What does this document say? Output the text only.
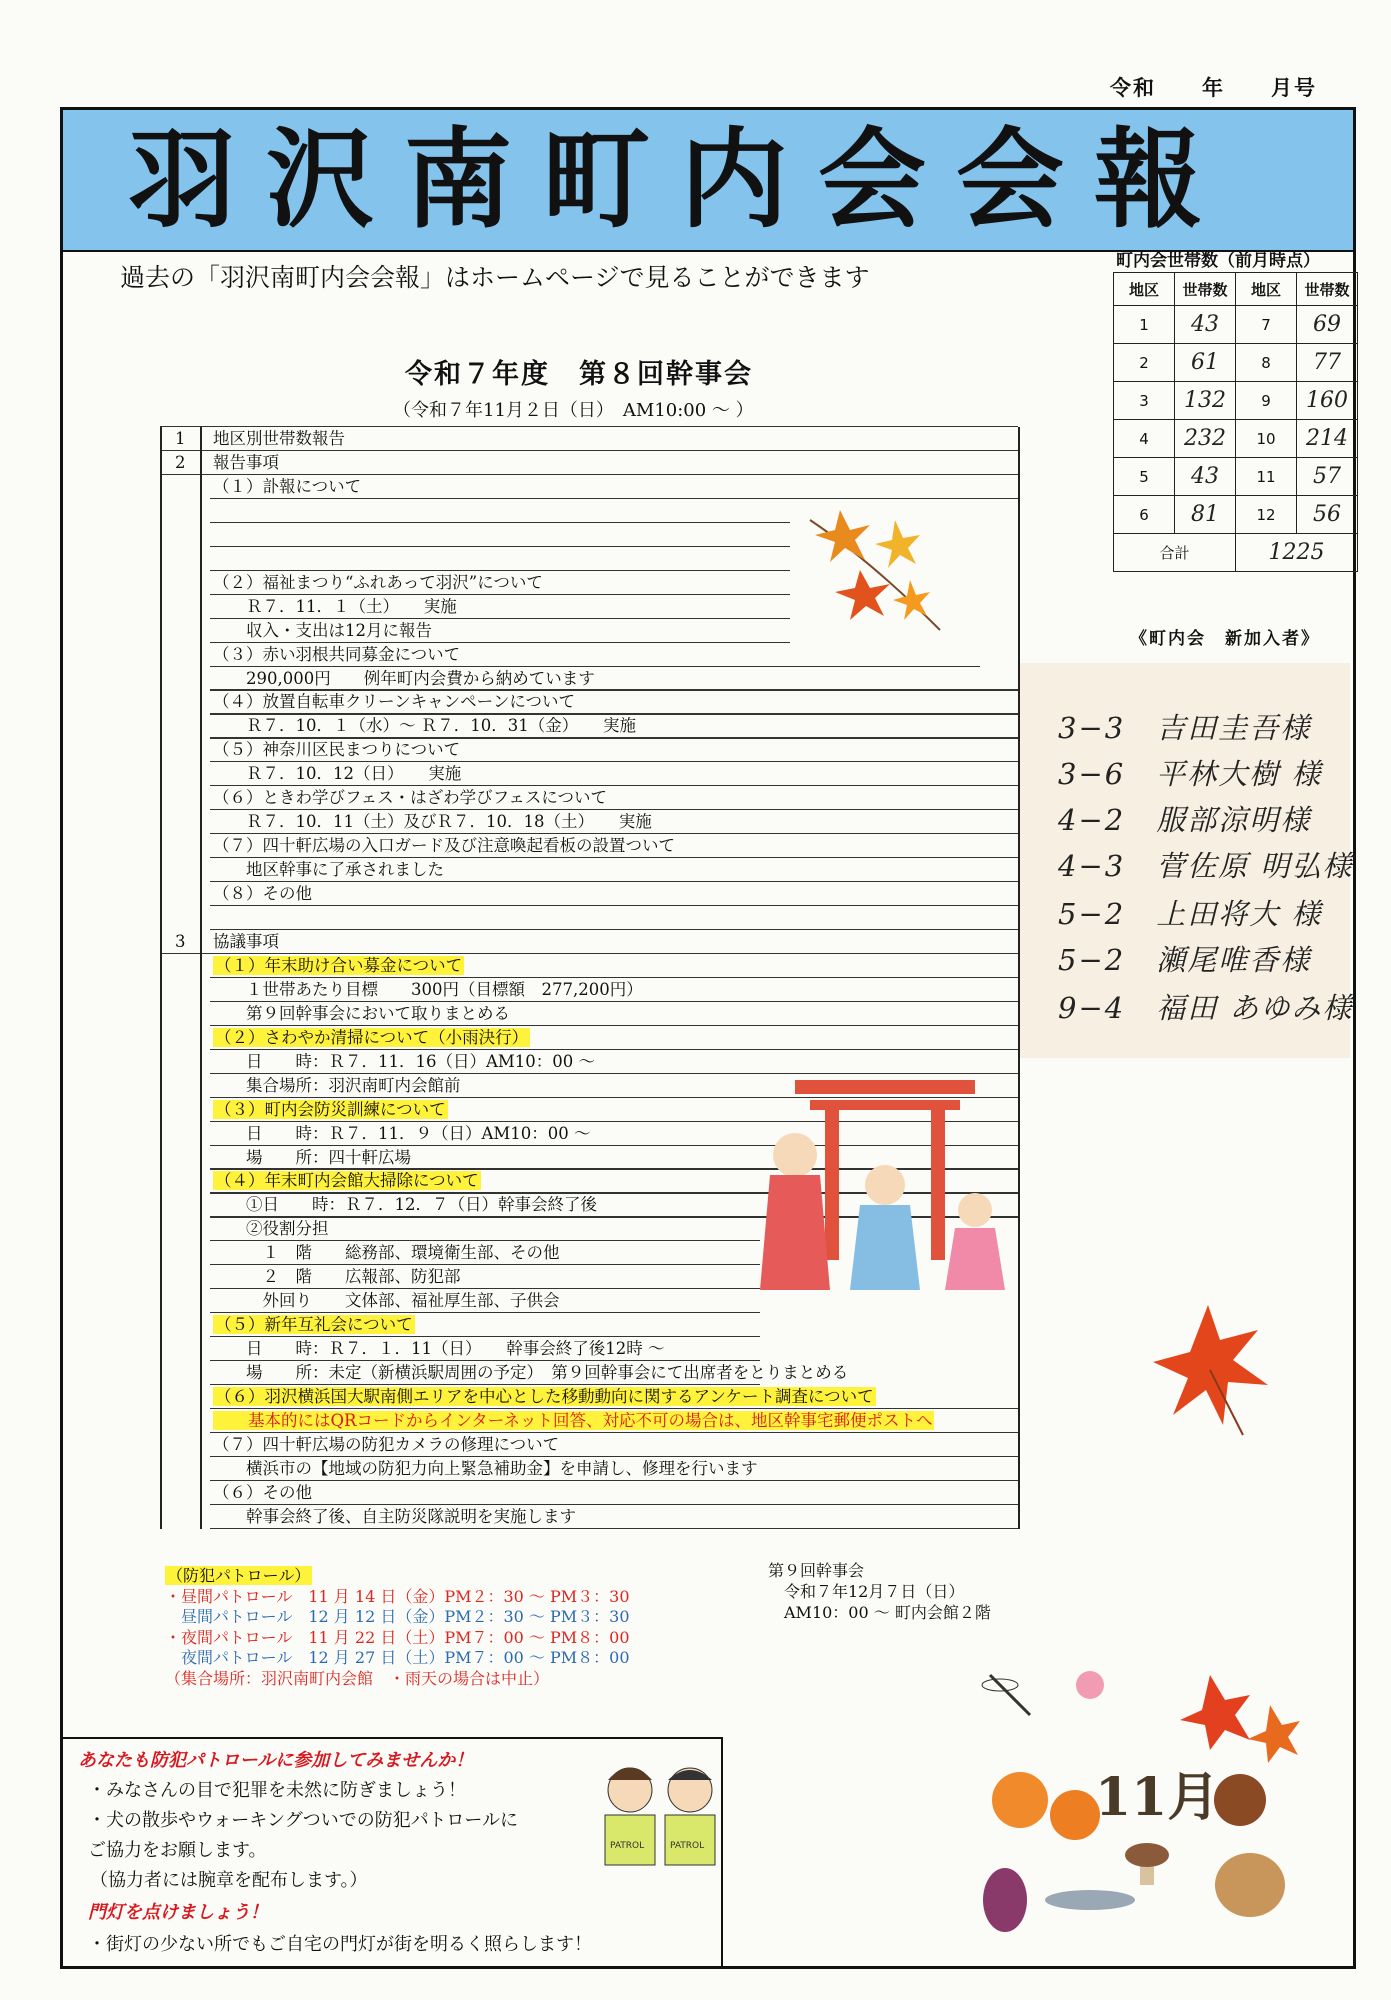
令和　　年　　月号
羽沢南町内会会報
過去の「羽沢南町内会会報」はホームページで見ることができます
令和７年度　第８回幹事会
（令和７年11月２日（日）　AM10:00 ～ ）
町内会世帯数（前月時点）
地区	世帯数	地区	世帯数
1	43	7	69
2	61	8	77
3	132	9	160
4	232	10	214
5	43	11	57
6	81	12	56
合計		1225	
《町内会　新加入者》
3−3　吉田圭吾様
3−6　平林大樹 様
4−2　服部涼明様
4−3　菅佐原 明弘様
5−2　上田将大 様
5−2　瀬尾唯香様
9−4　福田 あゆみ様
1 地区別世帯数報告
2 報告事項
（１）訃報について
（２）福祉まつり“ふれあって羽沢”について
　　Ｒ７．11．１（土）　　実施
　　収入・支出は12月に報告
（３）赤い羽根共同募金について
　　290,000円　　例年町内会費から納めています
（４）放置自転車クリーンキャンペーンについて
　　Ｒ７．10．１（水）～ Ｒ７．10．31（金）　　実施
（５）神奈川区民まつりについて
　　Ｒ７．10．12（日）　　実施
（６）ときわ学びフェス・はざわ学びフェスについて
　　Ｒ７．10．11（土）及びＲ７．10．18（土）　　実施
（７）四十軒広場の入口ガード及び注意喚起看板の設置ついて
　　地区幹事に了承されました
（８）その他
3 協議事項
（１）年末助け合い募金について
　　１世帯あたり目標　　300円（目標額　277,200円）
　　第９回幹事会において取りまとめる
（２）さわやか清掃について（小雨決行）
　　日　　時：Ｒ７．11．16（日）AM10：00 ～
　　集合場所：羽沢南町内会館前
（３）町内会防災訓練について
　　日　　時：Ｒ７．11．９（日）AM10：00 ～
　　場　　所：四十軒広場
（４）年末町内会館大掃除について
　　①日　　時：Ｒ７．12．７（日）幹事会終了後
　　②役割分担
　　　１　階　　総務部、環境衛生部、その他
　　　２　階　　広報部、防犯部
　　　外回り　　文体部、福祉厚生部、子供会
（５）新年互礼会について
　　日　　時：Ｒ７．１．11（日）　　幹事会終了後12時 ～
　　場　　所：未定（新横浜駅周囲の予定）　第９回幹事会にて出席者をとりまとめる
（６）羽沢横浜国大駅南側エリアを中心とした移動動向に関するアンケート調査について
　　基本的にはQRコードからインターネット回答、対応不可の場合は、地区幹事宅郵便ポストへ
（７）四十軒広場の防犯カメラの修理について
　　横浜市の【地域の防犯力向上緊急補助金】を申請し、修理を行います
（６）その他
　　幹事会終了後、自主防災隊説明を実施します
（防犯パトロール）
・昼間パトロール　11 月 14 日（金）PM２：30 ～ PM３：30
　昼間パトロール　12 月 12 日（金）PM２：30 ～ PM３：30
・夜間パトロール　11 月 22 日（土）PM７：00 ～ PM８：00
　夜間パトロール　12 月 27 日（土）PM７：00 ～ PM８：00
（集合場所：羽沢南町内会館　・雨天の場合は中止）
第９回幹事会
令和７年12月７日（日）
AM10：00 ～ 町内会館２階
あなたも防犯パトロールに参加してみませんか！
・みなさんの目で犯罪を未然に防ぎましょう！
・犬の散歩やウォーキングついでの防犯パトロールに
ご協力をお願します。
（協力者には腕章を配布します。）
門灯を点けましょう！
・街灯の少ない所でもご自宅の門灯が街を明るく照らします！
PATROL	PATROL
11月
